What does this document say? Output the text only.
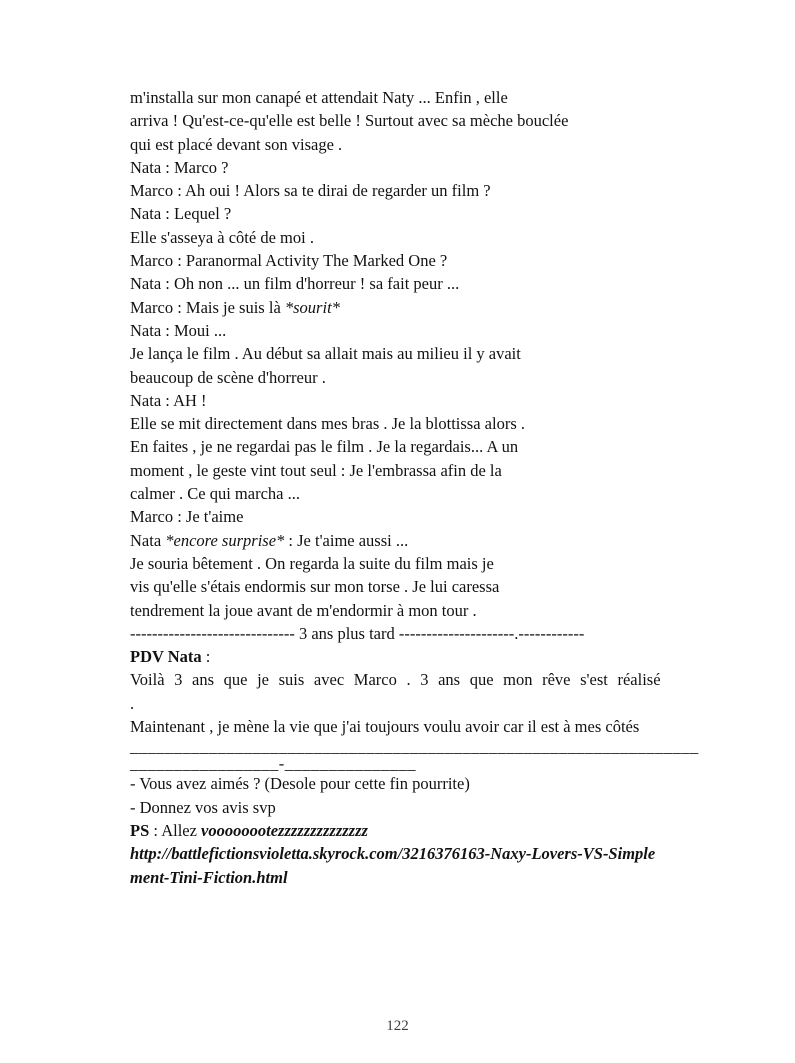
m'installa sur mon canapé et attendait Naty ... Enfin , elle
arriva ! Qu'est-ce-qu'elle est belle ! Surtout avec sa mèche bouclée
qui est placé devant son visage .
Nata : Marco ?
Marco : Ah oui ! Alors sa te dirai de regarder un film ?
Nata : Lequel ?
Elle s'asseya à côté de moi .
Marco : Paranormal Activity The Marked One ?
Nata : Oh non ... un film d'horreur ! sa fait peur ...
Marco : Mais je suis là *sourit*
Nata : Moui ...
Je lança le film . Au début sa allait mais au milieu il y avait
beaucoup de scène d'horreur .
Nata : AH !
Elle se mit directement dans mes bras . Je la blottissa alors .
En faites , je ne regardai pas le film . Je la regardais... A un
moment , le geste vint tout seul : Je l'embrassa afin de la
calmer . Ce qui marcha ...
Marco : Je t'aime
Nata *encore surprise* : Je t'aime aussi ...
Je souria bêtement . On regarda la suite du film mais je
vis qu'elle s'étais endormis sur mon torse . Je lui caressa
tendrement la joue avant de m'endormir à mon tour .
------------------------------ 3 ans plus tard ---------------------.------------
PDV Nata :
Voilà 3 ans que je suis avec Marco . 3 ans que mon rêve s'est réalisé .
Maintenant , je mène la vie que j'ai toujours voulu avoir car il est à mes côtés
_________________________________________________________________
_________________-_______________
- Vous avez aimés ? (Desole pour cette fin pourrite)
- Donnez vos avis svp
PS : Allez voooooootezzzzzzzzzzzzzz
http://battlefictionsvioletta.skyrock.com/3216376163-Naxy-Lovers-VS-Simple
ment-Tini-Fiction.html
122
